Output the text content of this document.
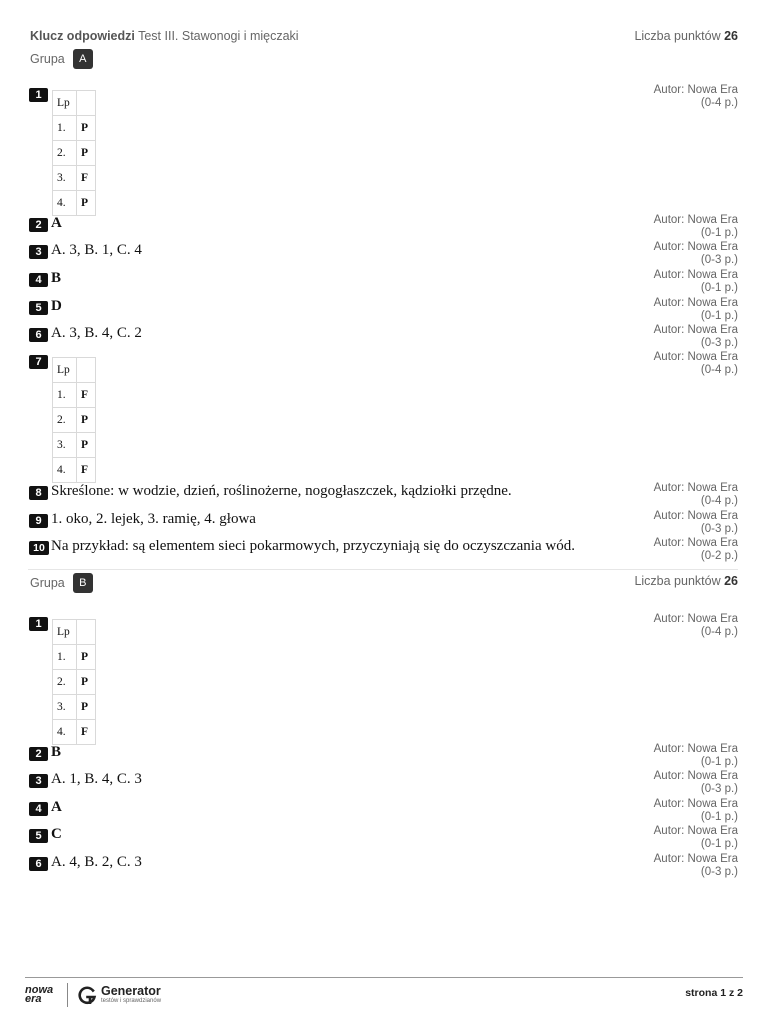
Klucz odpowiedzi Test III. Stawonogi i mięczaki	Liczba punktów 26
Grupa	A
1
Lp	
1.	P
2.	P
3.	F
4.	P
Autor: Nowa Era
(0-4 p.)
2 A	Autor: Nowa Era
(0-1 p.)
3 A. 3, B. 1, C. 4	Autor: Nowa Era
(0-3 p.)
4 B	Autor: Nowa Era
(0-1 p.)
5 D	Autor: Nowa Era
(0-1 p.)
6 A. 3, B. 4, C. 2	Autor: Nowa Era
(0-3 p.)
7
Lp	
1.	F
2.	P
3.	P
4.	F
Autor: Nowa Era
(0-4 p.)
8 Skreślone: w wodzie, dzień, roślinożerne, nogogłaszczek, kądziołki przędne.	Autor: Nowa Era
(0-4 p.)
9 1. oko, 2. lejek, 3. ramię, 4. głowa	Autor: Nowa Era
(0-3 p.)
10 Na przykład: są elementem sieci pokarmowych, przyczyniają się do oczyszczania wód.	Autor: Nowa Era
(0-2 p.)
Grupa	B	Liczba punktów 26
1
Lp	
1.	P
2.	P
3.	P
4.	F
Autor: Nowa Era
(0-4 p.)
2 B	Autor: Nowa Era
(0-1 p.)
3 A. 1, B. 4, C. 3	Autor: Nowa Era
(0-3 p.)
4 A	Autor: Nowa Era
(0-1 p.)
5 C	Autor: Nowa Era
(0-1 p.)
6 A. 4, B. 2, C. 3	Autor: Nowa Era
(0-3 p.)
nowa era
Generator
testów i sprawdzianów
strona 1 z 2
